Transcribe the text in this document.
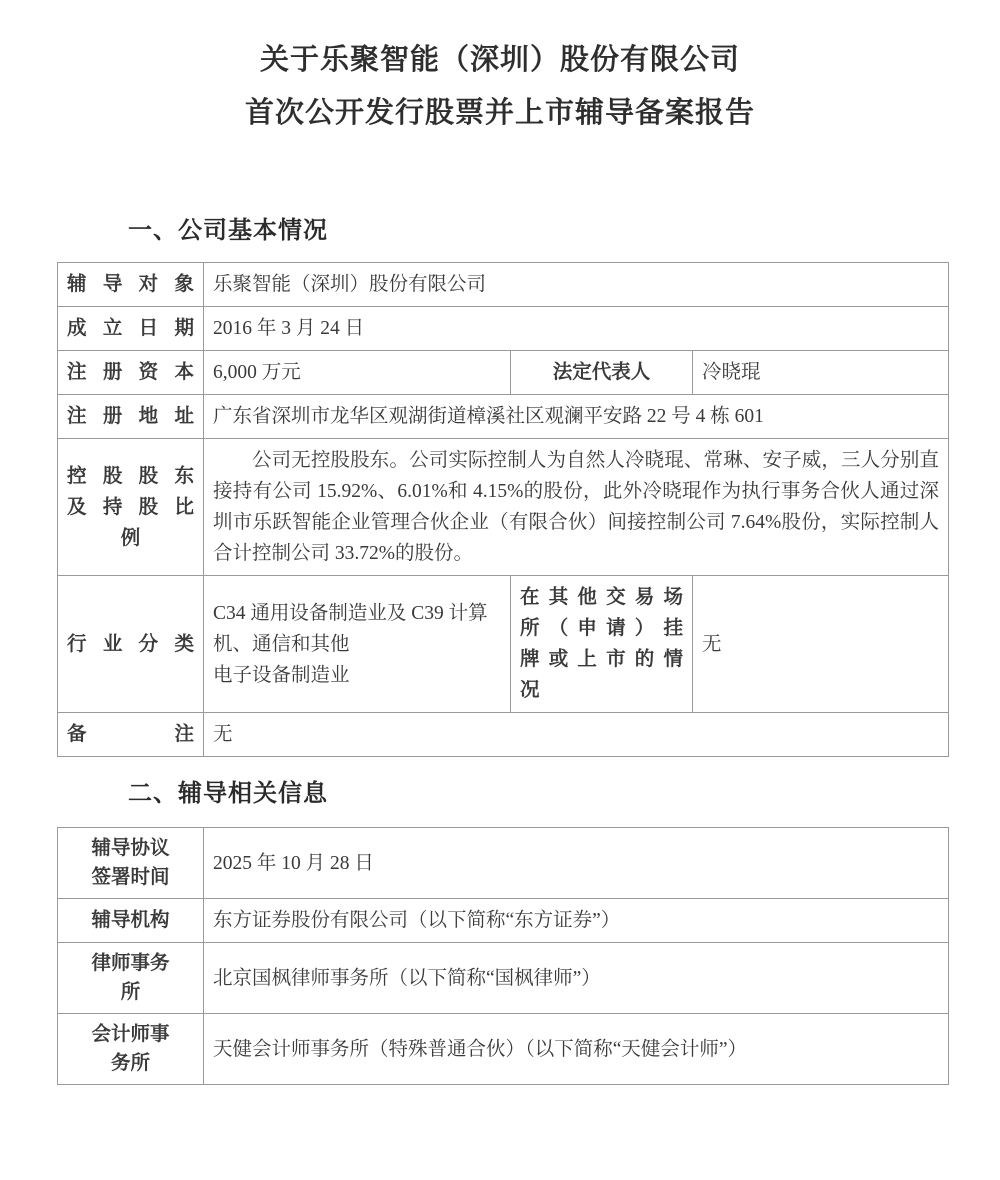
关于乐聚智能（深圳）股份有限公司
首次公开发行股票并上市辅导备案报告
一、公司基本情况
辅导对象	乐聚智能（深圳）股份有限公司		

成立日期	2016 年 3 月 24 日		

注册资本	6,000 万元	法定代表人	冷晓琨

注册地址	广东省深圳市龙华区观湖街道樟溪社区观澜平安路 22 号 4 栋 601		

控股股东
及持股比
例	公司无控股股东。公司实际控制人为自然人冷晓琨、常琳、安子威，三人分别直接持有公司 15.92%、6.01%和 4.15%的股份，此外冷晓琨作为执行事务合伙人通过深圳市乐跃智能企业管理合伙企业（有限合伙）间接控制公司 7.64%股份，实际控制人合计控制公司 33.72%的股份。		

行业分类	C34 通用设备制造业及 C39 计算机、通信和其他
电子设备制造业	在其他交易场
所（申请）挂
牌或上市的情
况	无

备注	无		
二、辅导相关信息
辅导协议
签署时间	2025 年 10 月 28 日

辅导机构	东方证券股份有限公司（以下简称“东方证券”）

律师事务
所	北京国枫律师事务所（以下简称“国枫律师”）

会计师事
务所	天健会计师事务所（特殊普通合伙）（以下简称“天健会计师”）
